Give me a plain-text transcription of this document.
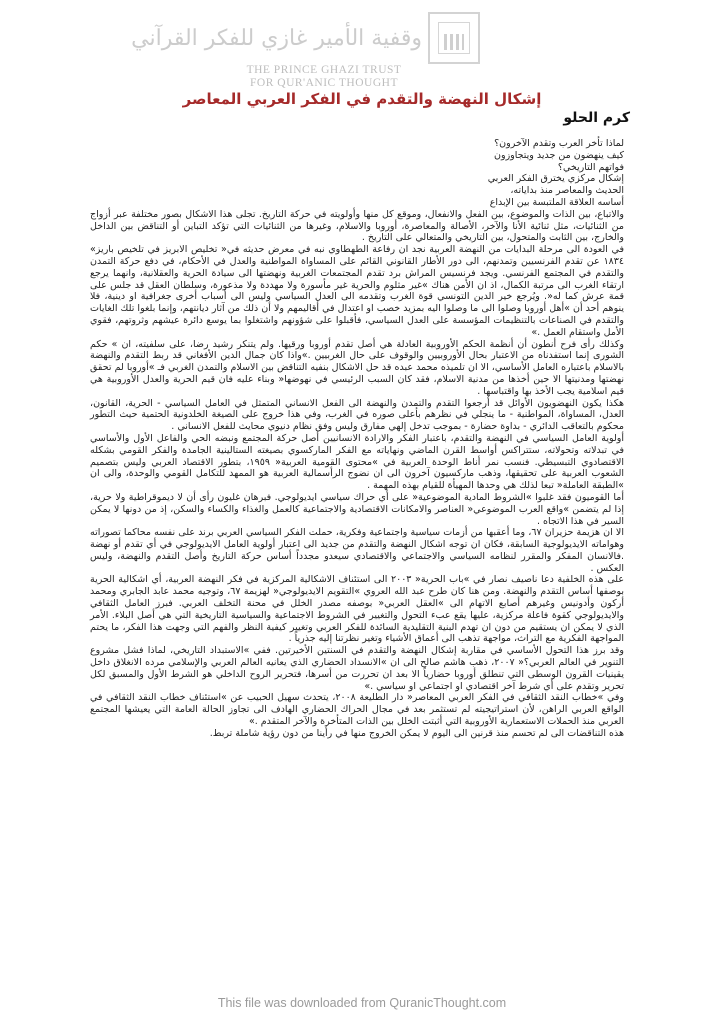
وقفية الأمير غازي للفكر القرآني
THE PRINCE GHAZI TRUST
FOR QUR'ANIC THOUGHT
إشكال النهضة والتقدم في الفكر العربي المعاصر
كرم الحلو

لماذا تأخر العرب وتقدم الآخرون؟

كيف ينهضون من جديد ويتجاوزون

فواتهم التاريخي؟

إشكال مركزي يخترق الفكر العربي

الحديث والمعاصر منذ بداياته،

أساسه العلاقة الملتبسة بين الإبداع

والاتباع، بين الذات والموضوع، بين الفعل والانفعال، وموقع كل منها وأولويته في حركة التاريخ. تجلى هذا الاشكال بصور مختلفة عبر أزواج من الثنائيات، مثل ثنائية الأنا والآخر، الأصالة والمعاصرة، أوروبا والاسلام، وغيرها من الثنائيات التي تؤكد التباين أو التناقض بين الداخل والخارج، بين الثابت والمتحول، بين التاريخي والمتعالي على التاريخ .

في العودة الى مرحلة البدايات من النهضة العربية نجد ان رفاعة الطهطاوي نبه في معرض حديثه في« تخليص الابريز في تلخيص باريز» ١٨٣٤ عن تقدم الفرنسيين وتمدنهم، الى دور الأطار القانوني القائم على المساواة المواطنية والعدل في الأحكام، في دفع حركة التمدن والتقدم في المجتمع الفرنسي. ويجد فرنسيس المراش برد تقدم المجتمعات الغربية ونهضتها الى سيادة الحرية والعقلانية، وانهما يرجع ارتقاء الغرب الى مرتبة الكمال، اذ ان الأمن هناك »غير مثلوم والحرية غير مأسورة ولا مهددة ولا مذعورة، وسلطان العقل قد جلس على قمة عرش كما له«. ويُرجع خير الدين التونسي قوة الغرب وتقدمه الى العدل السياسي وليس الى أسباب أخرى جغرافية او دينية، فلا ينوهم أحد أن »أهل أوروبا وصلوا الى ما وصلوا اليه بمزيد خصب او اعتدال في أقاليمهم ولا أن ذلك من آثار ديانتهم، وإنما بلغوا تلك الغايات والتقدم في الصناعات بالتنظيمات المؤسسة على العدل السياسي، فأقبلوا على شؤونهم واشتغلوا بما يوسع دائرة عيشهم وثروتهم، فقوي الأمل واستقام العمل .»

وكذلك رأى فرح أنطون أن أنظمة الحكم الأوروبية العادلة هي أصل تقدم أوروبا ورقيها. ولم يتنكر رشيد رضا، على سلفيته، ان » حكم الشورى إنما استفدناه من الاعتبار بحال الأوروبيين والوقوف على حال الغربيين .»واذا كان جمال الدين الأفغاني قد ربط التقدم والنهضة بالاسلام باعتباره العامل الأساسي، الا ان تلميذه محمد عبده قد حل الاشكال بنفيه التناقض بين الاسلام والتمدن الغربي فـ »أوروبا لم تحقق نهضتها ومدنيتها الا حين أخذها من مدنية الاسلام، فقد كان السبب الرئيسي في نهوضها« وبناء عليه فان قيم الحرية والعدل الأوروبية هي قيم اسلامية يجب الأخذ بها واقتباسها .

هكذا يكون النهضويون الأوائل قد أرجعوا التقدم والتمدن والنهضة الى الفعل الانساني المتمثل في العامل السياسي - الحرية، القانون، العدل، المساواة، المواطنية - ما ينجلي في نظرهم بأعلى صوره في الغرب، وفي هذا خروج على الصيغة الخلدونية الحتمية حيث التطور محكوم بالتعاقب الدائري - بداوة حضارة - بموجب تدخل إلهي مفارق وليس وفق نظام دنيوي محايث للفعل الانساني .

أولوية العامل السياسي في النهضة والتقدم، باعتبار الفكر والارادة الانسانيين أصل حركة المجتمع ونبضه الحي والفاعل الأول والأساسي في تبدلاته وتحولاته، ستتراكس أواسط القرن الماضي ونهاياته مع الفكر الماركسوي بصيغته الستالينية الجامدة والفكر القومي بشكله الاقتصادوي التبسيطي. فنسب نمر أناط الوحدة العربية في »محتوى القومية العربية« ١٩٥٩، بتطور الاقتصاد العربي وليس بتصميم الشعوب العربية على تحقيقها، وذهب ماركسيون آخرون الى ان نضوج الرأسمالية العربية هو الممهد للتكامل القومي والوحدة، والى ان »الطبقة العاملة« تبعا لذلك هي وحدها المهيأة للقيام بهذه المهمة .

أما القوميون فقد غلبوا »الشروط المادية الموضوعية« على أي حراك سياسي ايديولوجي. فبرهان غليون رأى أن لا ديموقراطية ولا حرية، إذا لم يتضمن »واقع العرب الموضوعي« العناصر والامكانات الاقتصادية والاجتماعية كالعمل والغذاء والكساء والسكن، إذ من دونها لا يمكن السير في هذا الاتجاه .

الا ان هزيمة حزيران ٦٧، وما أعقبها من أزمات سياسية واجتماعية وفكرية، حملت الفكر السياسي العربي برند على نفسه محاكما تصوراته وهواماته الايديولوجية السابقة، فكان ان توجه اشكال النهضة والتقدم من جديد الى اعتبار أولوية العامل الايديولوجي في أي تقدم أو نهضة .فالانسان المفكر والمقرر لنظامه السياسي والاجتماعي والاقتصادي سيعدو مجدداً أساس حركة التاريخ وأصل التقدم والنهضة، وليس العكس .

على هذه الخلفية دعا ناصيف نصار في »باب الحرية« ٢٠٠٣ الى استئناف الاشكالية المركزية في فكر النهضة العربية، أي اشكالية الحرية بوصفها أساس التقدم والنهضة. ومن هنا كان طرح عبد الله العروي »التقويم الايديولوجي« لهزيمة ٦٧، وتوجيه محمد عابد الجابري ومحمد أركون وأدونيس وغيرهم أصابع الاتهام الى »العقل العربي« بوصفه مصدر الخلل في محنة التخلف العربي. فبرز العامل الثقافي والايديولوجي كقوة فاعلة مركزية، عليها يقع عبء التحول والتغيير في الشروط الاجتماعية والسياسية التاريخية التي هي أصل البلاء. الأمر الذي لا يمكن ان يستقيم من دون ان تهدم البنية التقليدية السائدة للفكر العربي وتغيير كيفية النظر والفهم التي وجهت هذا الفكر، ما يحتم المواجهة الفكرية مع التراث، مواجهة تذهب الى أعماق الأشياء وتغير نظرتنا إليه جذرياً .

وقد برز هذا التحول الأساسي في مقاربة إشكال النهضة والتقدم في السنتين الأخيرتين. ففي »الاستبداد التاريخي، لماذا فشل مشروع التنوير في العالم العربي؟« ٢٠٠٧، ذهب هاشم صالح الى ان »الانسداد الحضاري الذي يعانيه العالم العربي والإسلامي مرده الانغلاق داخل يقينيات القرون الوسطى التي تنطلق أوروبا حضارياً الا بعد ان تحررت من أسرها، فتحرير الروح الداخلي هو الشرط الأول والمسبق لكل تحرير وتقدم على أي شرط آخر اقتصادي او اجتماعي او سياسي .»

وفي »خطاب النقد الثقافي في الفكر العربي المعاصر« دار الطليعة ٢٠٠٨، يتحدث سهيل الحبيب عن »استئناف خطاب النقد الثقافي في الواقع العربي الراهن، لأن استراتيجيته لم تستثمر بعد في مجال الحراك الحضاري الهادف الى تجاوز الحالة العامة التي يعيشها المجتمع العربي منذ الحملات الاستعمارية الأوروبية التي أثبتت الخلل بين الذات المتأخرة والآخر المتقدم .»

هذه التناقضات الى لم تحسم منذ قرنين الى اليوم لا يمكن الخروج منها في رأينا من دون رؤية شاملة تربط.

This file was downloaded from QuranicThought.com
